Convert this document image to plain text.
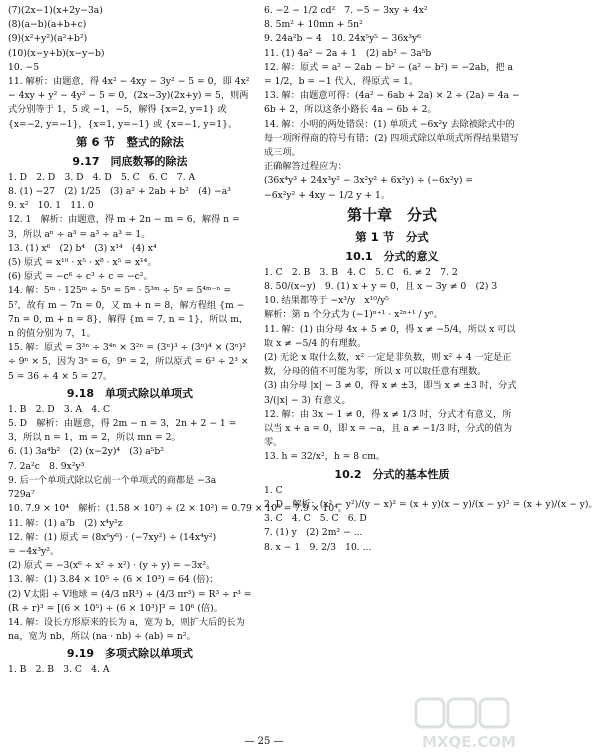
(7)(2x−1)(x+2y−3a)
(8)(a−b)(a+b+c)
(9)(x²+y²)(a²+b²)
(10)(x−y+b)(x−y−b)
10. −5
11. 解析：由题意，得 4x² − 4xy − 3y² − 5 = 0，即 4x² − 4xy + y² − 4y² − 5 = 0，(2x−3y)(2x+y) = 5，则两式分别等于 1，5 或 −1，−5，解得 {x=2, y=1} 或 {x=−2, y=−1}，{x=1, y=−1} 或 {x=−1, y=1}。
第 6 节　整式的除法
9.17　同底数幂的除法
1. D　2. D　3. D　4. D　5. C　6. C　7. A
8. (1) −27　(2) 1/25　(3) a² + 2ab + b²　(4) −a³
9. x²　10. 1　11. 0
12. 1　解析：由题意，得 m + 2n − m = 6，解得 n = 3，所以 aⁿ ÷ a³ = a³ ÷ a³ = 1。
13. (1) x⁶　(2) b⁴　(3) x¹⁴　(4) x⁴
(5) 原式 = x¹⁰ · x⁵ · x⁸ · x⁵ = x¹⁴。
(6) 原式 = −c⁶ ÷ c³ ÷ c = −c²。
14. 解：5ᵐ · 125ᵐ ÷ 5ⁿ = 5ᵐ · 5³ᵐ ÷ 5ⁿ = 5⁴ᵐ⁻ⁿ = 5⁷，故有 m − 7n = 0，又 m + n = 8，解方程组 {m − 7n = 0, m + n = 8}，解得 {m = 7, n = 1}，所以 m，n 的值分别为 7，1。
15. 解：原式 = 3³ⁿ ÷ 3⁴ⁿ × 3²ⁿ = (3ⁿ)³ ÷ (3ⁿ)⁴ × (3ⁿ)² ÷ 9ⁿ × 5，因为 3ⁿ = 6，9ⁿ = 2，所以原式 = 6³ ÷ 2³ × 5 = 36 ÷ 4 × 5 = 27。
9.18　单项式除以单项式
1. B　2. D　3. A　4. C
5. D　解析：由题意，得 2m − n = 3，2n + 2 − 1 = 3，所以 n = 1，m = 2，所以 mn = 2。
6. (1) 3a⁴b²　(2) (x−2y)⁴　(3) a⁵b²
7. 2a²c　8. 9x²y³
9. 后一个单项式除以它前一个单项式的商都是 −3a　729a⁷
10. 7.9 × 10⁴　解析：(1.58 × 10⁷) ÷ (2 × 10²) = 0.79 × 10⁵ = 7.9 × 10⁴。
11. 解：(1) a⁷b　(2) x⁴y²z
12. 解：(1) 原式 = (8x⁶y⁶) · (−7xy²) ÷ (14x⁴y²)
= −4x³y²。
(2) 原式 = −3(x⁶ ÷ x² ÷ x²) · (y ÷ y) = −3x²。
13. 解：(1) 3.84 × 10⁵ ÷ (6 × 10³) = 64 (倍)；
(2) V太阳 ÷ V地球 = (4/3 πR³) ÷ (4/3 πr³) = R³ ÷ r³ =
(R ÷ r)³ = [(6 × 10⁵) ÷ (6 × 10³)]³ = 10⁶ (倍)。
14. 解：设长方形原来的长为 a，宽为 b，则扩大后的长为 na，宽为 nb，所以 (na · nb) ÷ (ab) = n²。
9.19　多项式除以单项式
1. B　2. B　3. C　4. A
6. −2 − 1/2 cd²　7. −5 − 3xy + 4x²
8. 5m² + 10mn + 5n²
9. 24a²b − 4　10. 24x⁵y⁵ − 36x³y⁶
11. (1) 4a² − 2a + 1　(2) ab² − 3a⁵b
12. 解：原式 = a² − 2ab − b² − (a² − b²) = −2ab，把 a = 1/2，b = −1 代入，得原式 = 1。
13. 解：由题意可得：(4a² − 6ab + 2a) × 2 ÷ (2a) = 4a − 6b + 2，所以这条小路长 4a − 6b + 2。
14. 解：小明的两处错误：(1) 单项式 −6x²y 去除被除式中的每一项所得商的符号有错；(2) 四项式除以单项式所得结果错写成三项。
正确解答过程应为：
(36x⁴y³ + 24x³y² − 3x²y² + 6x²y) ÷ (−6x²y) =
−6x²y² + 4xy − 1/2 y + 1。
第十章　分式
第 1 节　分式
10.1　分式的意义
1. C　2. B　3. B　4. C　5. C　6. ≠ 2　7. 2
8. 50/(x−y)　9. (1) x + y = 0，且 x − 3y ≠ 0　(2) 3
10. 结果都等于 −x³/y　x¹⁰/y⁵
解析：第 n 个分式为 (−1)ⁿ⁺¹ · x²ⁿ⁺¹ / yⁿ。
11. 解：(1) 由分母 4x + 5 ≠ 0，得 x ≠ −5/4，所以 x 可以取 x ≠ −5/4 的有理数。
(2) 无论 x 取什么数，x² 一定是非负数，则 x² + 4 一定是正数，分母的值不可能为零，所以 x 可以取任意有理数。
(3) 由分母 |x| − 3 ≠ 0，得 x ≠ ±3，即当 x ≠ ±3 时，分式 3/(|x| − 3) 有意义。
12. 解：由 3x − 1 ≠ 0，得 x ≠ 1/3 时，分式才有意义，所以当 x + a = 0，即 x = −a，且 a ≠ −1/3 时，分式的值为零。
13. h = 32/x²，h = 8 cm。
10.2　分式的基本性质
1. C
2. D　解析：(x² − y²)/(y − x)² = (x + y)(x − y)/(x − y)² = (x + y)/(x − y)。
3. C　4. C　5. C　6. D
7. (1) y　(2) 2m² − ...
8. x − 1　9. 2/3　10. ...
— 25 —	MXQE.COM
